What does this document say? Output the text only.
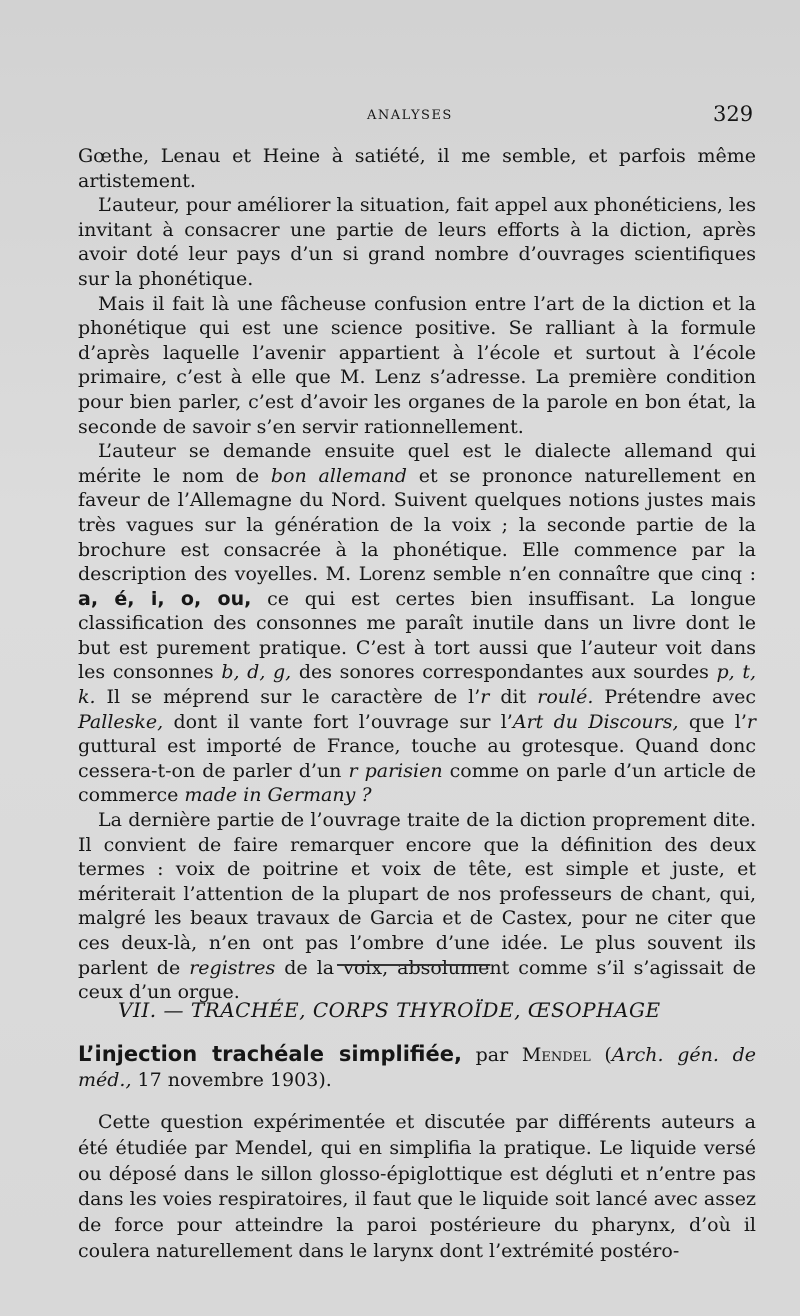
ANALYSES	329

Gœthe, Lenau et Heine à satiété, il me semble, et parfois même artistement.

L’auteur, pour améliorer la situation, fait appel aux phonéticiens, les invitant à consacrer une partie de leurs efforts à la diction, après avoir doté leur pays d’un si grand nombre d’ouvrages scientifiques sur la phonétique.

Mais il fait là une fâcheuse confusion entre l’art de la diction et la phonétique qui est une science positive. Se ralliant à la formule d’après laquelle l’avenir appartient à l’école et surtout à l’école primaire, c’est à elle que M. Lenz s’adresse. La première condition pour bien parler, c’est d’avoir les organes de la parole en bon état, la seconde de savoir s’en servir rationnellement.

L’auteur se demande ensuite quel est le dialecte allemand qui mérite le nom de bon allemand et se prononce naturellement en faveur de l’Allemagne du Nord. Suivent quelques notions justes mais très vagues sur la génération de la voix ; la seconde partie de la brochure est consacrée à la phonétique. Elle commence par la description des voyelles. M. Lorenz semble n’en connaître que cinq : a, é, i, o, ou, ce qui est certes bien insuffisant. La longue classification des consonnes me paraît inutile dans un livre dont le but est purement pratique. C’est à tort aussi que l’auteur voit dans les consonnes b, d, g, des sonores correspondantes aux sourdes p, t, k. Il se méprend sur le caractère de l’r dit roulé. Prétendre avec Palleske, dont il vante fort l’ouvrage sur l’Art du Discours, que l’r guttural est importé de France, touche au grotesque. Quand donc cessera-t-on de parler d’un r parisien comme on parle d’un article de commerce made in Germany ?

La dernière partie de l’ouvrage traite de la diction proprement dite. Il convient de faire remarquer encore que la définition des deux termes : voix de poitrine et voix de tête, est simple et juste, et mériterait l’attention de la plupart de nos professeurs de chant, qui, malgré les beaux travaux de Garcia et de Castex, pour ne citer que ces deux-là, n’en ont pas l’ombre d’une idée. Le plus souvent ils parlent de registres de la voix, absolument comme s’il s’agissait de ceux d’un orgue.

VII. — TRACHÉE, CORPS THYROÏDE, ŒSOPHAGE
L’injection trachéale simplifiée, par Mendel (Arch. gén. de méd., 17 novembre 1903).

Cette question expérimentée et discutée par différents auteurs a été étudiée par Mendel, qui en simplifia la pratique. Le liquide versé ou déposé dans le sillon glosso-épiglottique est dégluti et n’entre pas dans les voies respiratoires, il faut que le liquide soit lancé avec assez de force pour atteindre la paroi postérieure du pharynx, d’où il coulera naturellement dans le larynx dont l’extrémité postéro-
